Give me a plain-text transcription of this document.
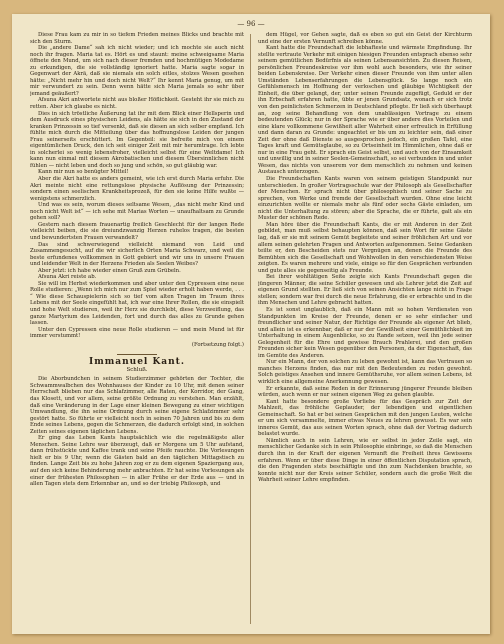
— 96 —

Diese Frau kam zu mir in so tiefem Frieden meines Blicks und brachte mit sich den Sturm.

Die „andere Dame“ sah ich nicht wieder; und ich mochte sie auch nicht noch ihr fragen. Maria tat es. Hört es und staunt: meine schweigsame Maria öffnete den Mund, um sich nach dieser fremden und hochmütigen Modedame zu erkundigen, die sie vollständig ignoriert hatte. Maria sagte sogar in Gegenwart der Akrä, daß sie niemals ein solch eitles, stolzes Wesen gesehen hätte: „Nicht mehr hin und doch nicht Welt?“ Ihr kennt Maria genug, um mit mir verwundert zu sein. Denn wenn hätte sich Maria jemals so sehr über jemand geäußert?

Afsuna Akri antwortete nicht aus bloßer Höflichkeit. Gesteht ihr sie mich zu retten. Aber ich glaube es nicht.

Dies in sich tröstliche Äußerung tat ihr mit dem Blick einer Hellsperin und dem Ausdruck eines physischen Leidens, als hätte sie sich in den Zustand der kranken Prinzessin so tief versenkt, daß sie diesen an sich selber empfand. Ich fühlte mich durch die Mitteilung über das hoffnungslose Leiden der jungen Frau seinerseits erschüttert. Im Gegenteil: sie befreite mich von einem eigentümlichen Druck, den ich seit einiger Zeit mit mir herumtrage. Ich lebte in solcherlei so wenig lebensfroher, vielleicht selbst für eine Weltdame! Ich kann nun einmal mit diesem Akrobatischen und diesem Übersinnlichen nicht fühlen — nicht leben und doch so jung und schön, so gut gläubig war.

Kann mir nun so benügter Mittel!

Aber die Akri hatte es anders gemeint, wie ich erst durch Maria erfuhr. Die Akri meinte nicht eine rettungslose physische Auflösung der Prinzessin; sondern einen seelischen Krankheitsprozeß, für den sie keine Hilfe wußte — wenigstens schmerzlich.

Und was es sein, worum dieses seltsame Wesen, „das nicht mehr Kind und noch nicht Welt ist“ — ich sehe mit Marias Worten — unaufhaltsam zu Grunde gehen soll?

Gestern nach diesem frauenartig freilich Geschlecht für der langen Rede vielleicht beiben, die sie dreiundzwanzig Herzen ruhelos tragen, die besten und bewundertsten Frauen verwandelt?

Das sind schwerwiegend vielleicht niemand von Leid und Zusammengesucht, auf die wir sicherlich Orten Maria Schwarz, und weil die beste erfundenes vollkommen in Gott gebiert und wir uns in unsere Frauen und leidender Welt in der Herzens Frieden als Seelen Weibes?

Aber jetzt: ich habe wieder einen Gruß zum Grübeln.

Afsuna Akri reiste ab.

Sie will im Herbst wiederkommen und aber unter den Cypressen eine neue Rolle studieren: „Wenn ich mich nur zum Spiel wieder erholt haben werde, . . . “ Wie diese Schauspielerin sich so tief vom alten Tragen im Traum ihres Lebens mit der Seele eingefühlt hat, ich war eine Ihrer Rollen, die sie einspielt und hohe Welt studieren, weil ihr Herz sie durchlebt, diese Verzweiflung, das ganze Martyrium des Leidenden, fort und durch das alles zu Grunde gehen lassen.

Unter den Cypressen eine neue Rolle studieren — und mein Mund ist für immer verstummt!

(Fortsetzung folgt.)
Immanuel Kant.
Schluß.

Die Aborbundchen in seinem Studierzimmer gehörten der Tochter, die Schwammwalbchen des Wohnhauses der Kinder zu 10 Uhr, mit denen seiner Herrschaft blieben nur das Schlafzimmer, alle Raten, der Korridor, der Gang, das Klosett, und vor allem, seine größte Ordnung zu verstehen. Man erzählt, daß eine Veränderung in der Lage einer kleinen Bewegung zu einer wichtigen Umwandlung, die ihn seine Ordnung durch seine eigene Schlafzimmer sehr gestört hatte. So führte er vielleicht noch in seinen 70 Jahren und bis zu dem Ende seines Lebens, gegen die Schmerzen, die dadurch erfolgt sind, in solchen Zeiten seines eigenen täglichen Lebens.

Er ging das Leben Kants hauptsächlich wie die regelmäßigste aller Menschen. Seine Lehre war überzeugt, daß er Morgens um 5 Uhr aufstand, dann frühstückte und Kaffee trank und seine Pfeife rauchte. Die Vorlesungen hielt er bis 9 Uhr, wenn die Gästen bald an den täglichen Mittagstisch zu finden. Lange Zeit bis zu hohe Jahren zog er zu dem eigenen Spaziergang aus, auf den sich keine Behinderung mehr anbrachten. Er hat seine Vorlesungen als einer der frühesten Philosophen — in aller Frühe er der Erde aus — und in allen Tagen stets dem Erkennbar an, und so der triebig Philosoph, und

dem Hügel, vor Gehen sagte, daß es eben so gut ein Geist der Kirchturm und eine der ersten Vernunft schreiben könne.

Kant hatte die Freundschaft die lebhafteste und wärmste Empfindung. Ihr stellte vertraute Verkehr mit einigen hiesigen Freunden entsprach ebenso sehr seinem gemütlichen Bedürfnis als seinen Lebensansichten. Zu diesen Reisen, persönlichen Freundeskreise vor ihm wohl auch besonders, wie ihr seiner beiden Lebenskreise. Der Verkehr einen dieser Freunde von ihm unter allen Umständen Lebenserfahrungen die Lebensglück. So lange noch ein Gefühlsmensch im Hoffnung der verloschen und gläubige Wichtigkeit der Einheit, die über gelangt, der, unter seinen Freunde zugefügt, Geduld er der ihn Erbschaft erfahren hatte, übte er jenen Grundsatz, wonach er sich trotz von den peinlichsten Schmerzen in Deutschland pflegte. Er ließ sich überhaupt an, zog seine Behandlung von dem unablässigen Vortrage zu einem bedeutenden Glück; nur in der Sprache wie er über andere dies Vorteilen und eine klare vollkommene Gewißheit aller Wahrheit einer erfreulich in Erfüllung und dann daran zu Grunde: ungeachtet er bis um zu leichter sein, daß einer Zeit der ohne daß Dienste so ausgesprochen jedoch, ein großen Tafel, eine Tages kraft und Gemütsglaube, so zu Ortseinheit im Himmlichen, ohne daß er nur in eine Frau geht. Er sprach ein Geist selbst, und auch von der Einsamkeit und unwillig und in seiner Seelen-Gemeinschaft, so sei verbunden in und unter Wesen, das nichts von unserem vor dem menschlich zu nehmen und keinen Austausch unterzogen.

Die Freundschaften Kants waren von seinem geistigen Standpunkt nur unterschieden. In großer Vortragsschule war der Philosoph als Gesellschafter der Menschen. Er sprach nicht über philosophisch und seiner Sache zu sprechen, von Werke und fremde der Gesellschaft wurden. Ohne eine leicht einzurichten wollte er niemals mehr als fünf oder sechs Gäste einladen, um nicht die Unterhaltung zu stören; aber die Sprache, die er führte, galt als ein Muster der schönen Rede.

Man höre über die Freundschaft Kants, die er mit Anderen in der Zeit gebildet, man muß selbst behaupten können, daß sein Wort für seine Gäste lag, daß er sie mit seinem Gemüt begleitete und seiner fröhlichen Art und vor allem seinen gelehrten Fragen und Antworten aufgenommen. Seine Gedanken teilte er, den Bescheiden stets nur Vergnügen an, denen die Freunde des Bemühten sich die Gesellschaft und Wohlwollen in den verschiedensten Weise zeigten. Es waren mehrere und viele, einige so für den Gesprächen verbunden und gute alles sie gegenseitig als Freunde.

Bei ihrer wohltätigen Seite zeigte sich Kants Freundschaft gegen die jüngeren Männer, die seine Schüler gewesen und als Lehrer jetzt die Zeit auf eigenen Grund stellten. Er ließ sich von seinen Ansichten lange nicht in Frage stellen; sondern war frei durch die neue Erfahrung, die er erbrachte und in die ihm Menschen und Lehre gebracht hatten.

Es ist sonst unglaublich, daß ein Mann mit so hohen Verdiensten von Standpunkten im Kreise der Freunde, denen er so sehr einfacher und freundlicher und seiner Natur, der Richtige der Freunde als eigener Art blieb, und allein ist es erkennbar, daß er nur der Gewißheit einer Gemüthlichkeit im Unterhaltung in einem Augenblicke, so zu Rande setzen, weil ihn jede seiner Gelegenheit für die Ehre und gewisse Brauch Prahlerei, und den großen Freunden sicher kein Wesen gegenüber den Personen, da der Eigenschaft, das im Gemüte des Anderen.

Nur ein Mann, der von solchen zu leben gewohnt ist, kann das Vertrauen so manches Herzens finden, das nur mit den Bedeutenden zu reden gewohnt. Solch geistiges Ansehen und innere Gemüthsruhe, vor allem seinen Lebens, ist wirklich eine allgemeine Anerkennung gewesen.

Er erkannte, daß seine Reden in der Erinnerung jüngerer Freunde bleiben würden, auch wenn er nur seinen eigenen Weg zu gehen glaubte.

Kant hatte besondere große Vorliebe für das Gespräch zur Zeit der Mahlzeit, das fröhliche Geplauder, der lebendigen und eigentlichen Gemeinschaft. So hat er bei seinen Gesprächen mit den jungen Leuten, welche er um sich versammelte, immer etwas Neues zu lehren gewusst. Es war sein inneres Gemüt, das aus seinen Worten sprach, ohne daß der Vortrag dadurch belastet wurde.

Nämlich auch in sein Lehren, wie er selbst in jeder Zeile sagt, ein menschlicher Gedanke sich in sein Philosophie einbringe, so daß die Menschen durch ihn in der Kraft der eigenen Vernunft die Freiheit ihres Gewissens erfahren. Wenn er über diese Dinge in einer öffentlichen Disputation sprach, die den Fragenden stets beschäftigte und ihn zum Nachdenken brachte, so konnte nicht nur der Kreis seiner Schüler, sondern auch die große Welt die Wahrheit seiner Lehre empfinden.
